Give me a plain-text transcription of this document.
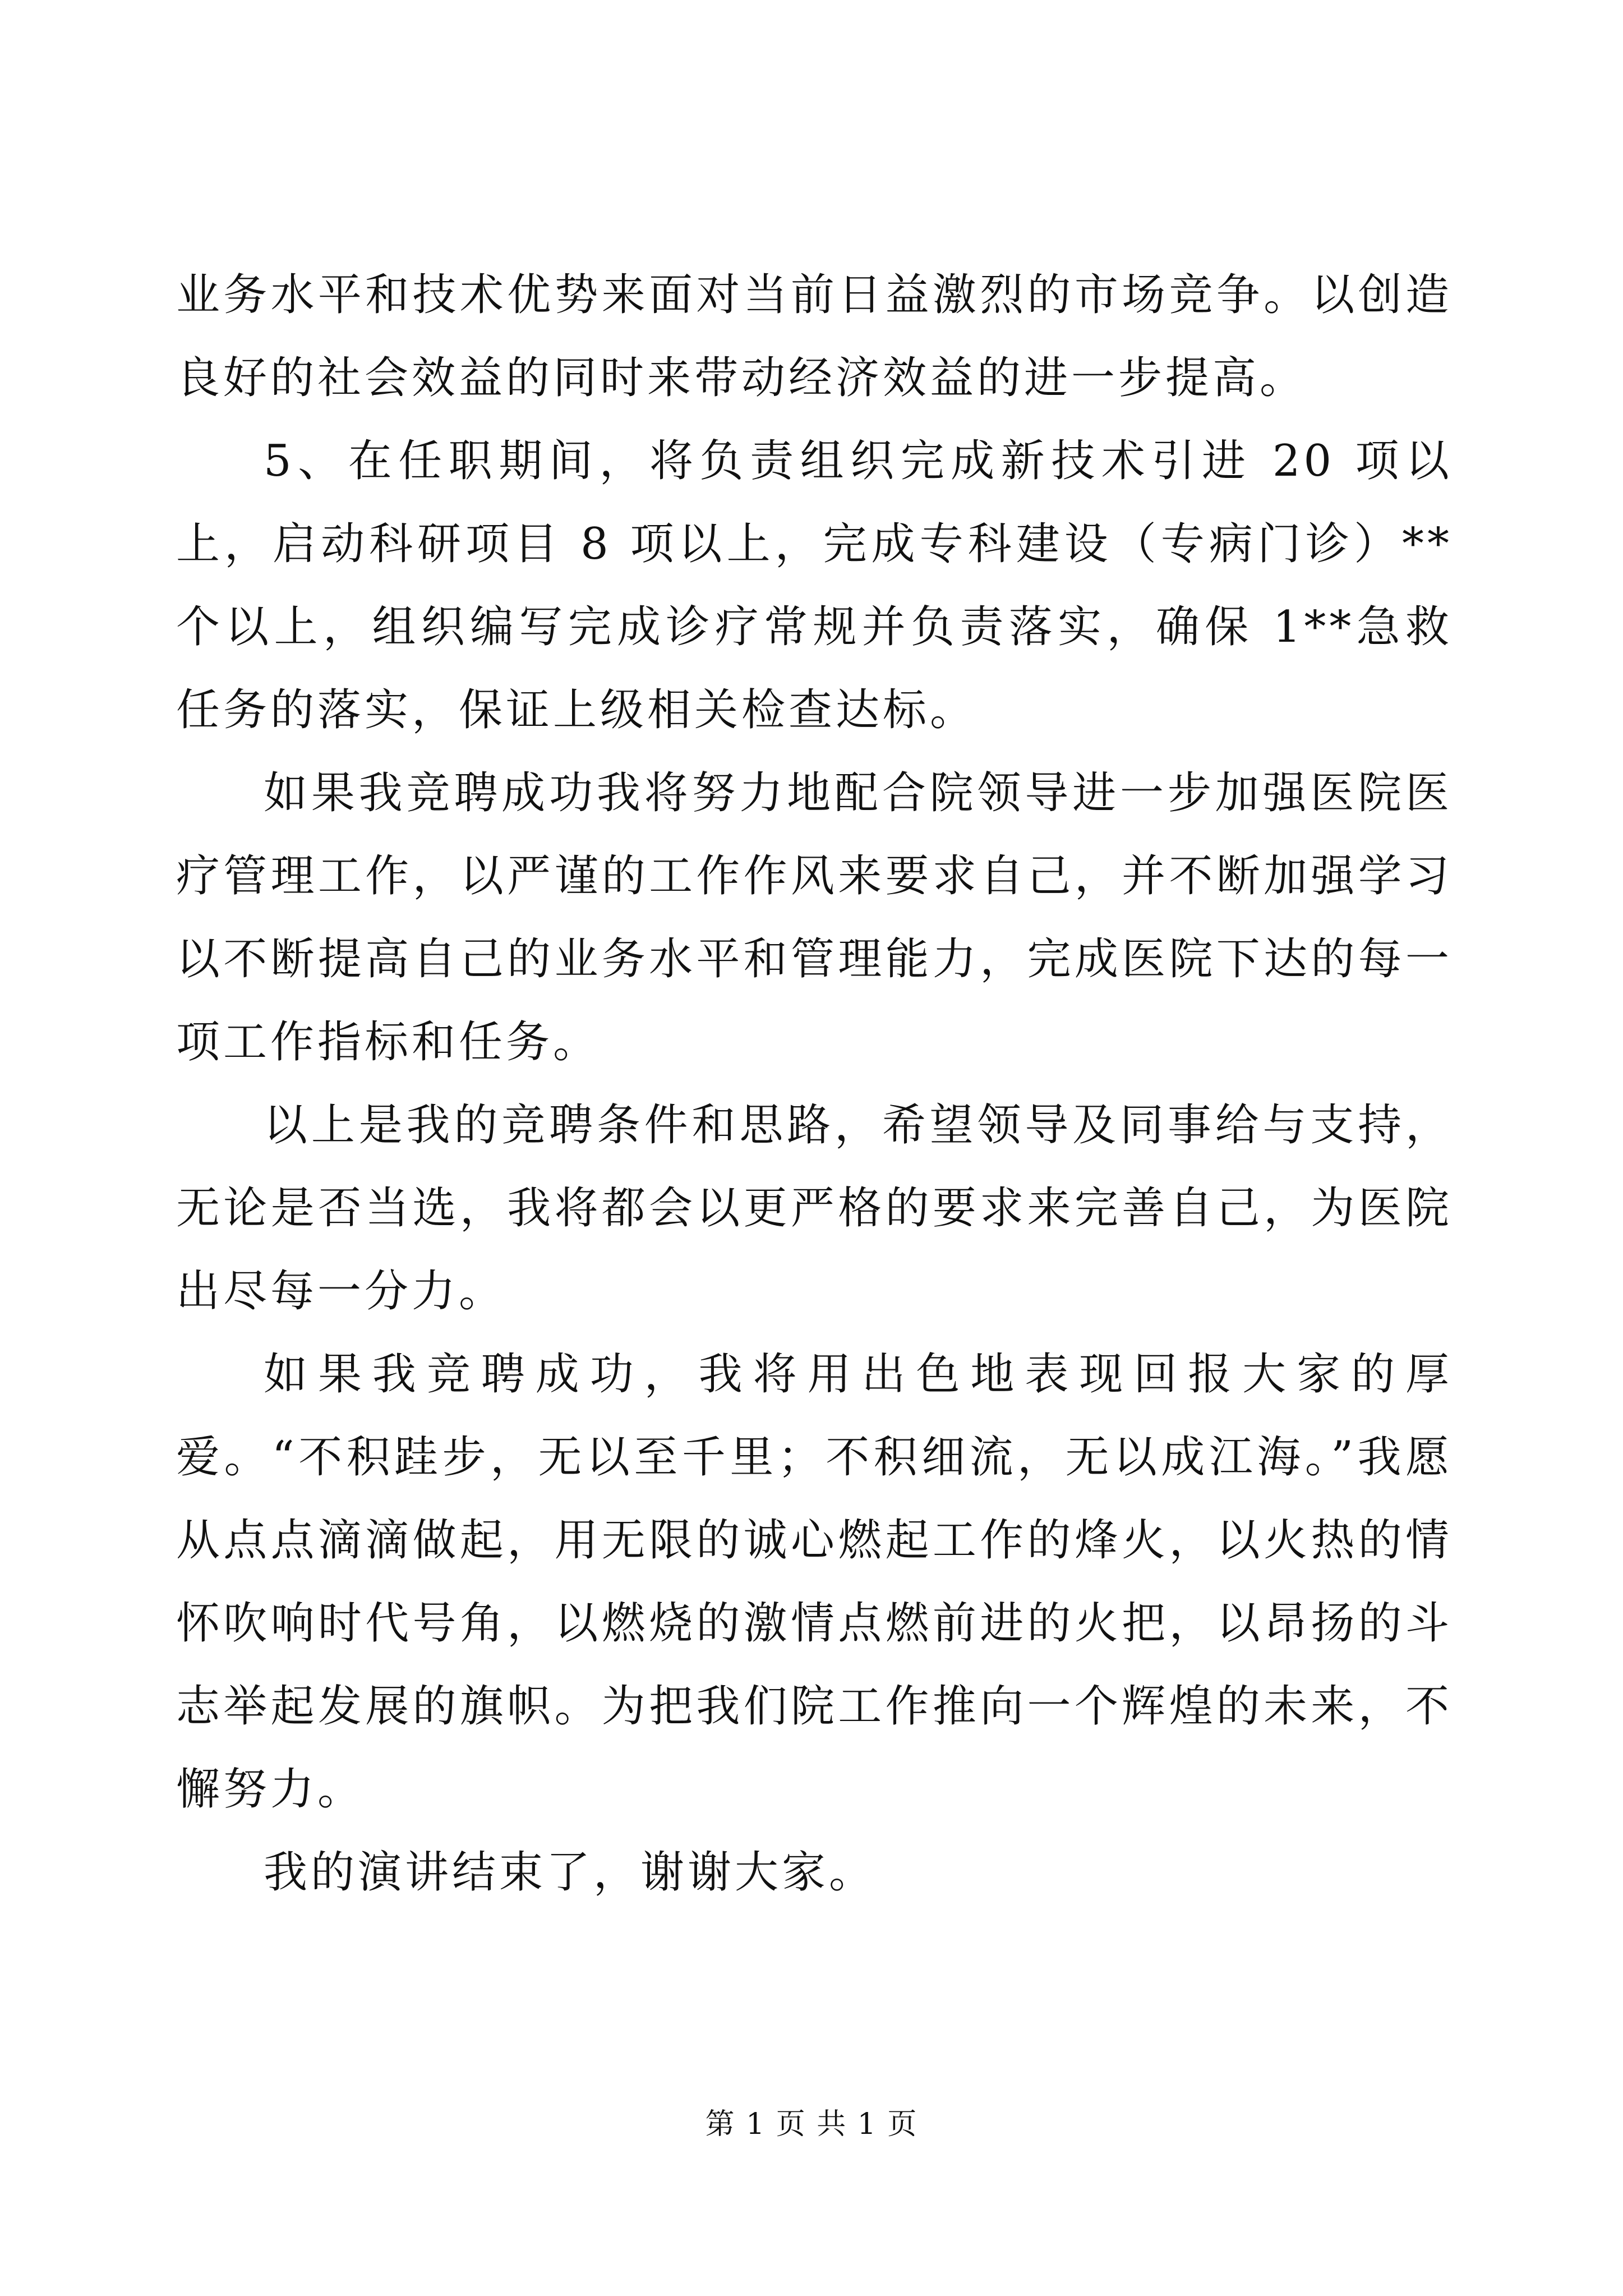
业务水平和技术优势来面对当前日益激烈的市场竞争。以创造良好的社会效益的同时来带动经济效益的进一步提高。

5、在任职期间，将负责组织完成新技术引进 20 项以上，启动科研项目 8 项以上，完成专科建设（专病门诊）**个以上，组织编写完成诊疗常规并负责落实，确保 1**急救任务的落实，保证上级相关检查达标。

如果我竞聘成功我将努力地配合院领导进一步加强医院医疗管理工作，以严谨的工作作风来要求自己，并不断加强学习以不断提高自己的业务水平和管理能力，完成医院下达的每一项工作指标和任务。

以上是我的竞聘条件和思路，希望领导及同事给与支持，无论是否当选，我将都会以更严格的要求来完善自己，为医院出尽每一分力。

如果我竞聘成功，我将用出色地表现回报大家的厚爱。“不积跬步，无以至千里；不积细流，无以成江海。”我愿从点点滴滴做起，用无限的诚心燃起工作的烽火，以火热的情怀吹响时代号角，以燃烧的激情点燃前进的火把，以昂扬的斗志举起发展的旗帜。为把我们院工作推向一个辉煌的未来，不懈努力。

我的演讲结束了，谢谢大家。

第 1 页 共 1 页
